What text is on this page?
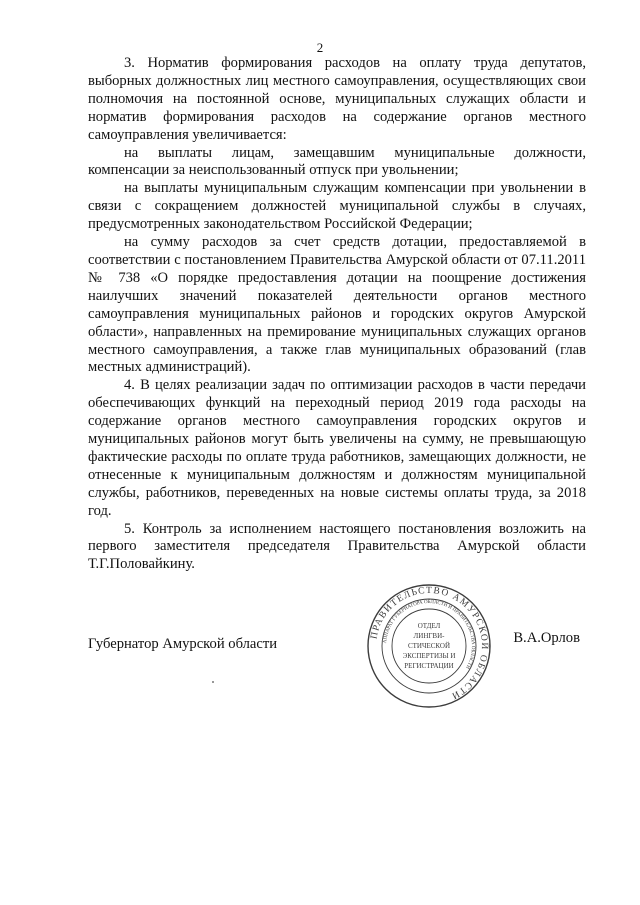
2

3. Норматив формирования расходов на оплату труда депутатов, выборных должностных лиц местного самоуправления, осуществляющих свои полномочия на постоянной основе, муниципальных служащих области и норматив формирования расходов на содержание органов местного самоуправления увеличивается:

на выплаты лицам, замещавшим муниципальные должности, компенсации за неиспользованный отпуск при увольнении;

на выплаты муниципальным служащим компенсации при увольнении в связи с сокращением должностей муниципальной службы в случаях, предусмотренных законодательством Российской Федерации;

на сумму расходов за счет средств дотации, предоставляемой в соответствии с постановлением Правительства Амурской области от 07.11.2011 № 738 «О порядке предоставления дотации на поощрение достижения наилучших значений показателей деятельности органов местного самоуправления муниципальных районов и городских округов Амурской области», направленных на премирование муниципальных служащих органов местного самоуправления, а также глав муниципальных образований (глав местных администраций).

4. В целях реализации задач по оптимизации расходов в части передачи обеспечивающих функций на переходный период 2019 года расходы на содержание органов местного самоуправления городских округов и муниципальных районов могут быть увеличены на сумму, не превышающую фактические расходы по оплате труда работников, замещающих должности, не отнесенные к муниципальным должностям и должностям муниципальной службы, работников, переведенных на новые системы оплаты труда, за 2018 год.

5. Контроль за исполнением настоящего постановления возложить на первого заместителя председателя Правительства Амурской области Т.Г.Половайкину.

Губернатор Амурской области	В.А.Орлов
ПРАВИТЕЛЬСТВО АМУРСКОЙ ОБЛАСТИ
АППАРАТ ГУБЕРНАТОРА ОБЛАСТИ И ПРАВИТЕЛЬСТВА ОБЛАСТИ
ОТДЕЛ
ЛИНГВИ-
СТИЧЕСКОЙ
ЭКСПЕРТИЗЫ И
РЕГИСТРАЦИИ
